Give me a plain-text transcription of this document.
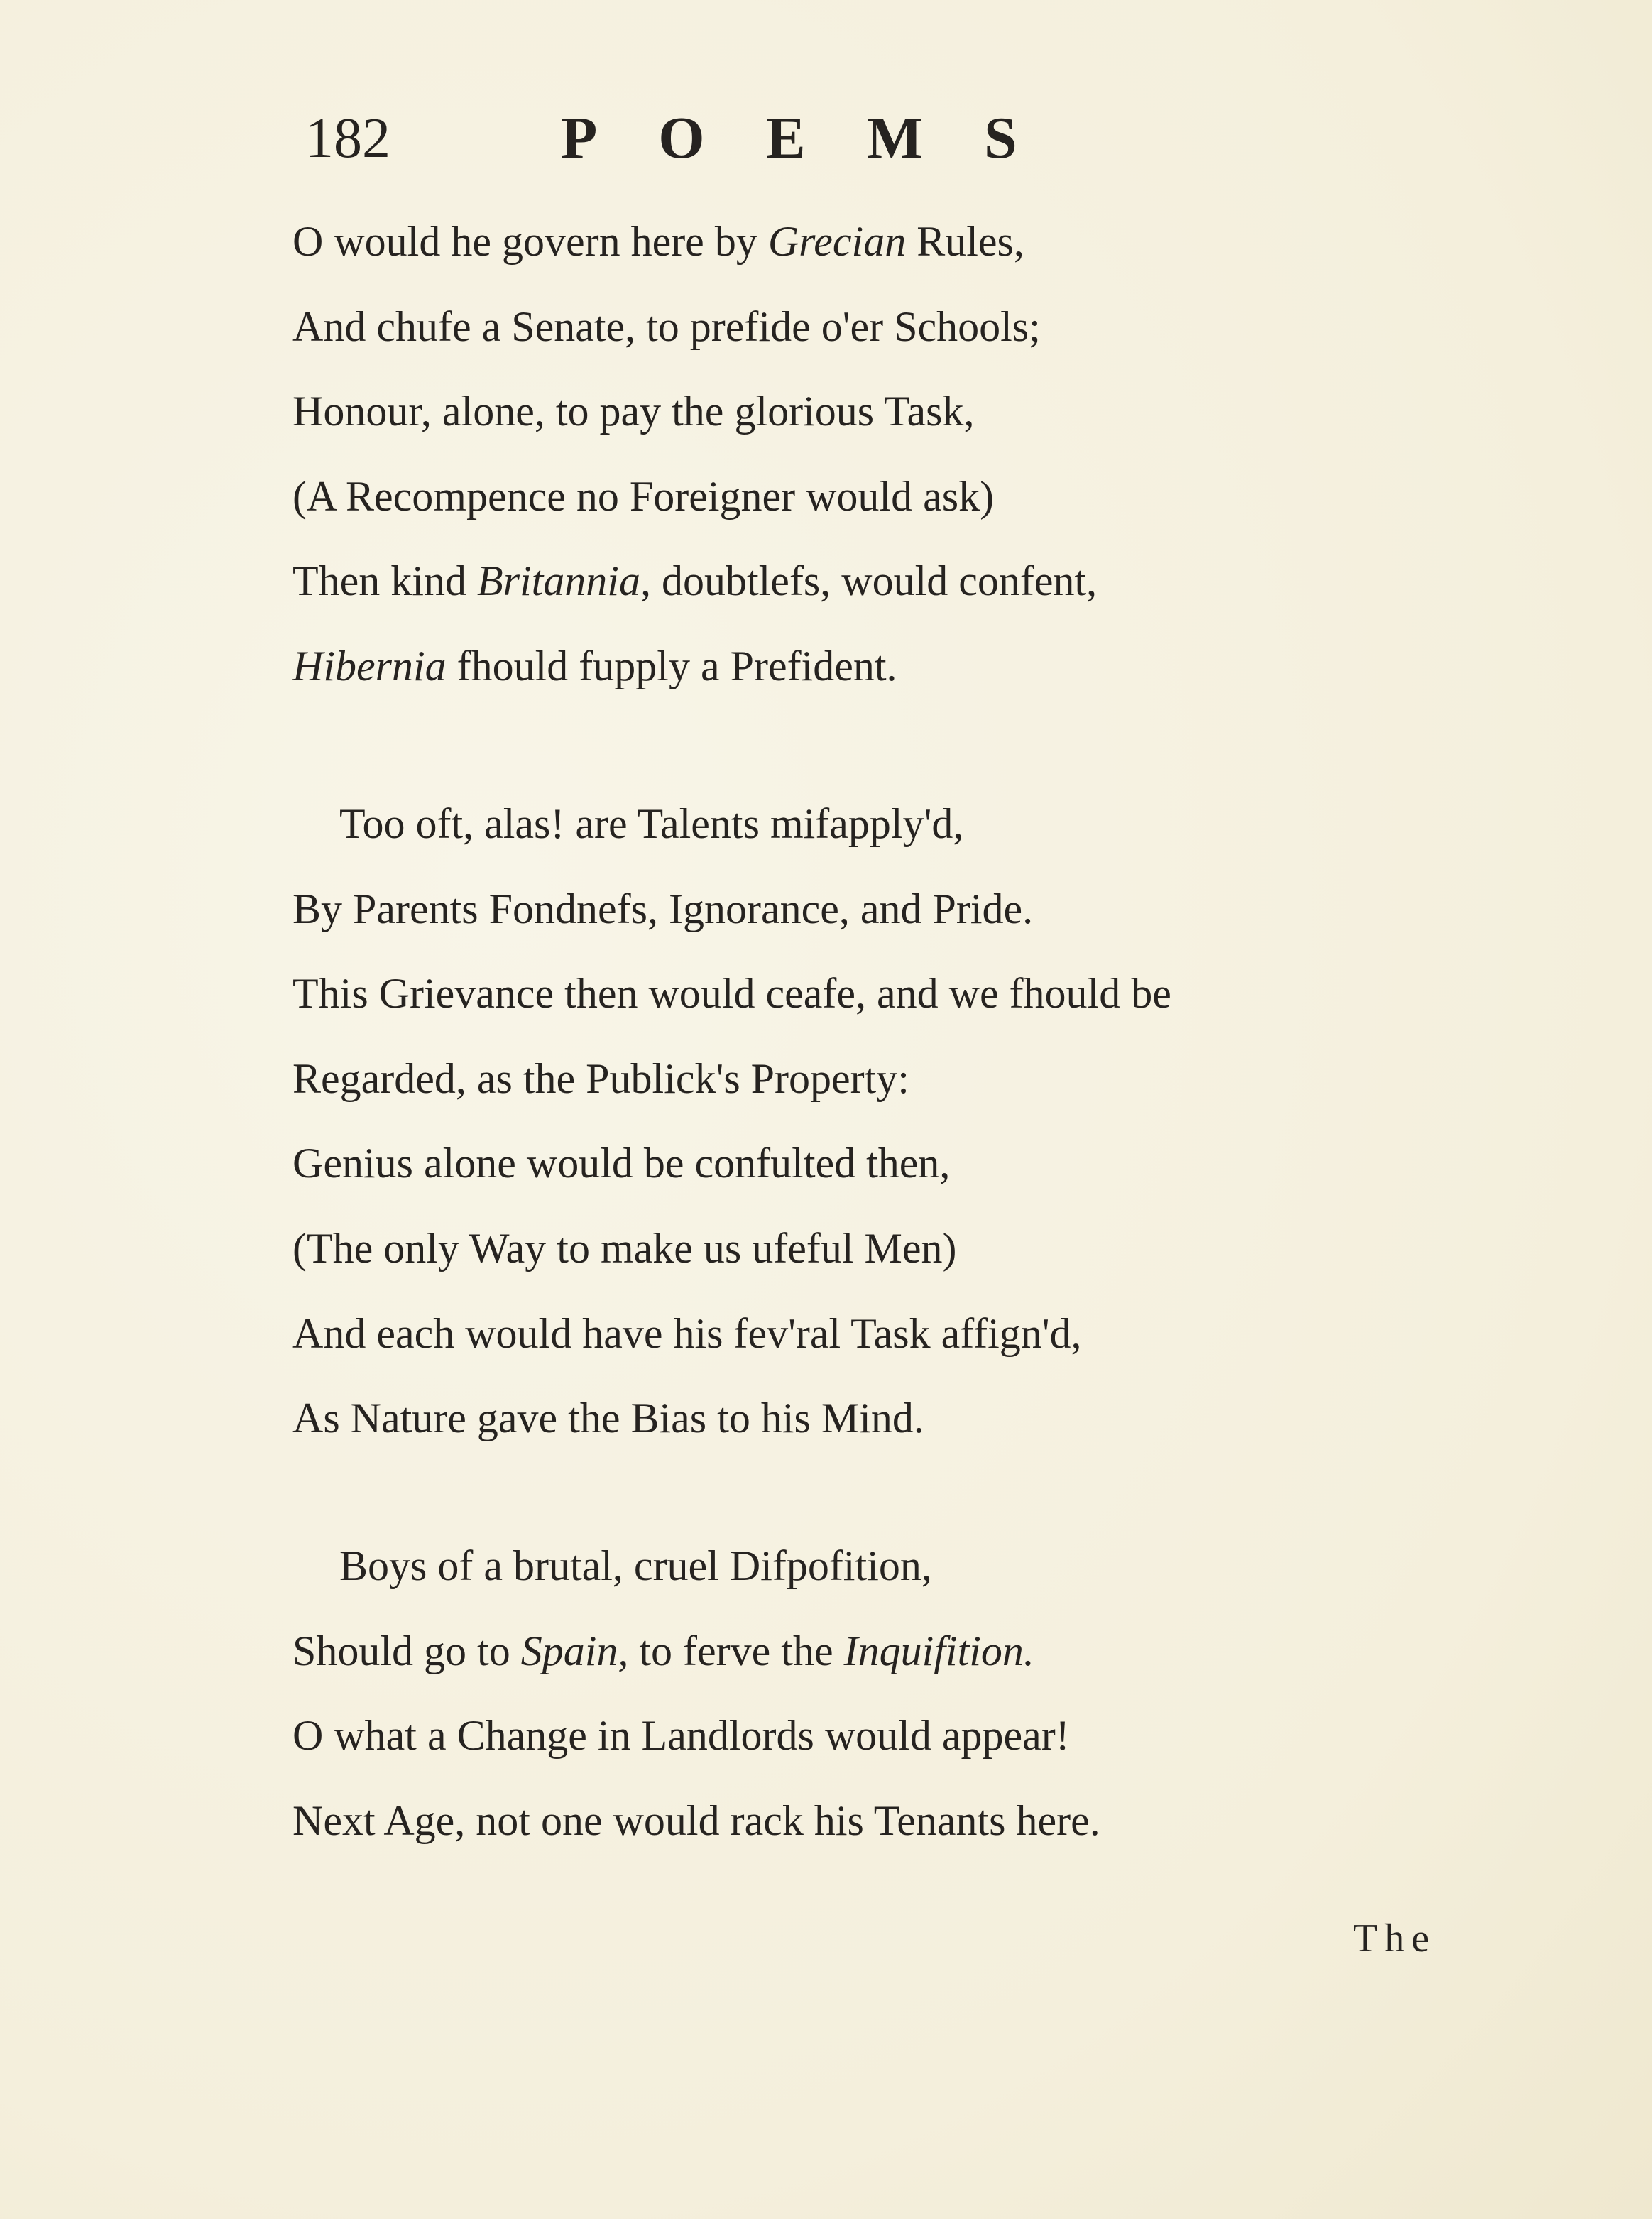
182	POEMS
O would he govern here by Grecian Rules,
And chufe a Senate, to prefide o'er Schools;
Honour, alone, to pay the glorious Task,
(A Recompence no Foreigner would ask)
Then kind Britannia, doubtlefs, would confent,
Hibernia fhould fupply a Prefident.
Too oft, alas! are Talents mifapply'd,
By Parents Fondnefs, Ignorance, and Pride.
This Grievance then would ceafe, and we fhould be
Regarded, as the Publick's Property:
Genius alone would be confulted then,
(The only Way to make us ufeful Men)
And each would have his fev'ral Task affign'd,
As Nature gave the Bias to his Mind.
Boys of a brutal, cruel Difpofition,
Should go to Spain, to ferve the Inquifition.
O what a Change in Landlords would appear!
Next Age, not one would rack his Tenants here.
The
